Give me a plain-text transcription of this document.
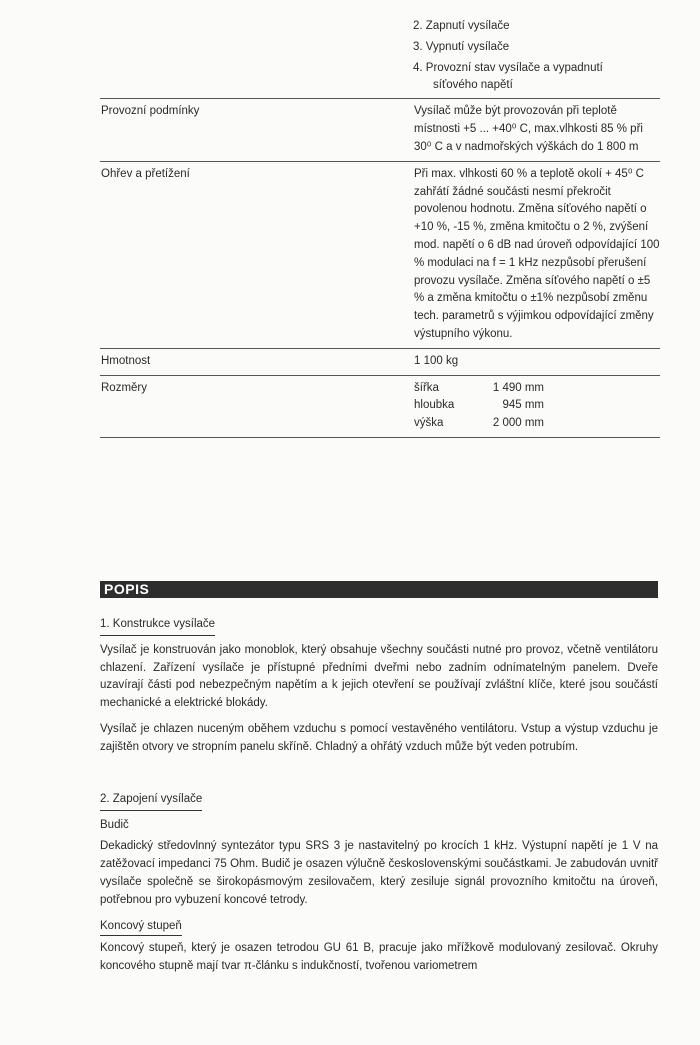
2. Zapnutí vysílače
3. Vypnutí vysílače
4. Provozní stav vysílače a vypadnutí
síťového napětí
Provozní podmínky	Vysílač může být provozován při teplotě místnosti +5 ... +40⁰ C, max.vlhkosti 85 % při 30⁰ C a v nadmořských výškách do 1 800 m
Ohřev a přetížení	Při max. vlhkosti 60 % a teplotě okolí + 45⁰ C zahřátí žádné součásti nesmí překročit povolenou hodnotu. Změna síťového napětí o +10 %, -15 %, změna kmitočtu o 2 %, zvýšení mod. napětí o 6 dB nad úroveň odpovídající 100 % modulaci na f = 1 kHz nezpůsobí přerušení provozu vysílače. Změna síťového napětí o ±5 % a změna kmitočtu o ±1% nezpůsobí změnu tech. parametrů s výjimkou odpovídající změny výstupního výkonu.
Hmotnost	1 100 kg
Rozměry	šířka	1 490 mm
hloubka	945 mm
výška	2 000 mm
POPIS
1. Konstrukce vysílače

Vysílač je konstruován jako monoblok, který obsahuje všechny součásti nutné pro provoz, včetně ventilátoru chlazení. Zařízení vysílače je přístupné předními dveřmi nebo zadním odnímatelným panelem. Dveře uzavírají části pod nebezpečným napětím a k jejich otevření se používají zvláštní klíče, které jsou součástí mechanické a elektrické blokády.

Vysílač je chlazen nuceným oběhem vzduchu s pomocí vestavěného ventilátoru. Vstup a výstup vzduchu je zajištěn otvory ve stropním panelu skříně. Chladný a ohřátý vzduch může být veden potrubím.

2. Zapojení vysílače
Budič

Dekadický středovlnný syntezátor typu SRS 3 je nastavitelný po krocích 1 kHz. Výstupní napětí je 1 V na zatěžovací impedanci 75 Ohm. Budič je osazen výlučně československými součástkami. Je zabudován uvnitř vysílače společně se širokopásmovým zesilovačem, který zesiluje signál provozního kmitočtu na úroveň, potřebnou pro vybuzení koncové tetrody.

Koncový stupeň

Koncový stupeň, který je osazen tetrodou GU 61 B, pracuje jako mřížkově modulovaný zesilovač. Okruhy koncového stupně mají tvar π-článku s indukčností, tvořenou variometrem
